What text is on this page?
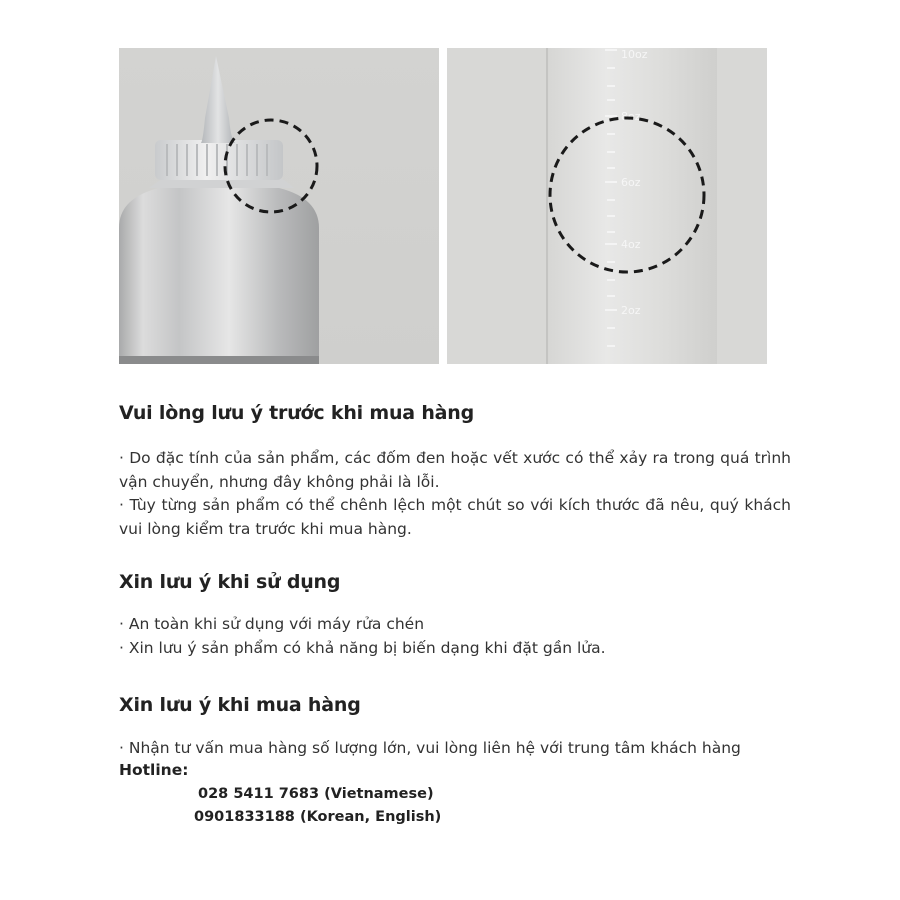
10oz
8oz
6oz
4oz
2oz
Vui lòng lưu ý trước khi mua hàng

· Do đặc tính của sản phẩm, các đốm đen hoặc vết xước có thể xảy ra trong quá trình vận chuyển, nhưng đây không phải là lỗi.
· Tùy từng sản phẩm có thể chênh lệch một chút so với kích thước đã nêu, quý khách vui lòng kiểm tra trước khi mua hàng.

Xin lưu ý khi sử dụng

· An toàn khi sử dụng với máy rửa chén
· Xin lưu ý sản phẩm có khả năng bị biến dạng khi đặt gần lửa.

Xin lưu ý khi mua hàng

· Nhận tư vấn mua hàng số lượng lớn, vui lòng liên hệ với trung tâm khách hàng

Hotline:

028 5411 7683 (Vietnamese)

0901833188 (Korean, English)
